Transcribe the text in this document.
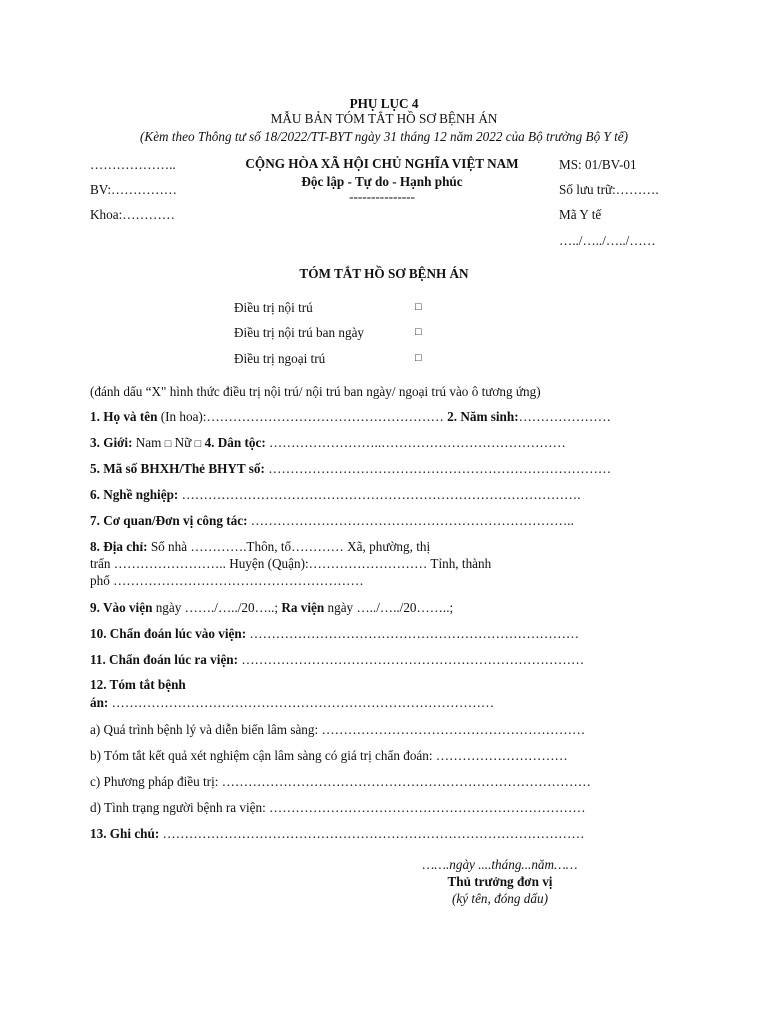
PHỤ LỤC 4
MẪU BẢN TÓM TẮT HỒ SƠ BỆNH ÁN
(Kèm theo Thông tư số 18/2022/TT-BYT ngày 31 tháng 12 năm 2022 của Bộ trưởng Bộ Y tế)
………………..
BV:……………
Khoa:…………
CỘNG HÒA XÃ HỘI CHỦ NGHĨA VIỆT NAM
Độc lập - Tự do - Hạnh phúc
---------------
MS: 01/BV-01
Số lưu trữ:……….
Mã Y tế
…../…../…../……
TÓM TẮT HỒ SƠ BỆNH ÁN
Điều trị nội trú	□
Điều trị nội trú ban ngày	□
Điều trị ngoại trú	□
(đánh dấu “X" hình thức điều trị nội trú/ nội trú ban ngày/ ngoại trú vào ô tương ứng)
1. Họ và tên (In hoa):……………………………………………… 2. Năm sinh:…………………
3. Giới: Nam □ Nữ □ 4. Dân tộc: ……………………..……………………………………
5. Mã số BHXH/Thẻ BHYT số: ……………………………………………………………………
6. Nghề nghiệp: ……………………………………………………………………………….
7. Cơ quan/Đơn vị công tác: ………………………………………………………………..
8. Địa chỉ: Số nhà ………….Thôn, tổ………… Xã, phường, thị
trấn …………………….. Huyện (Quận):……………………… Tỉnh, thành
phố …………………………………………………
9. Vào viện ngày ……./…../20…..; Ra viện ngày …../…../20……..;
10. Chẩn đoán lúc vào viện: …………………………………………………………………
11. Chẩn đoán lúc ra viện: ……………………………………………………………………
12. Tóm tắt bệnh
án: ……………………………………………………………………………
a) Quá trình bệnh lý và diễn biến lâm sàng: ……………………………………………………
b) Tóm tắt kết quả xét nghiệm cận lâm sàng có giá trị chẩn đoán: …………………………
c) Phương pháp điều trị: …………………………………………………………………………
d) Tình trạng người bệnh ra viện: ………………………………………………………………
13. Ghi chú: ……………………………………………………………………………………
…….ngày ....tháng...năm……
Thủ trưởng đơn vị
(ký tên, đóng dấu)
